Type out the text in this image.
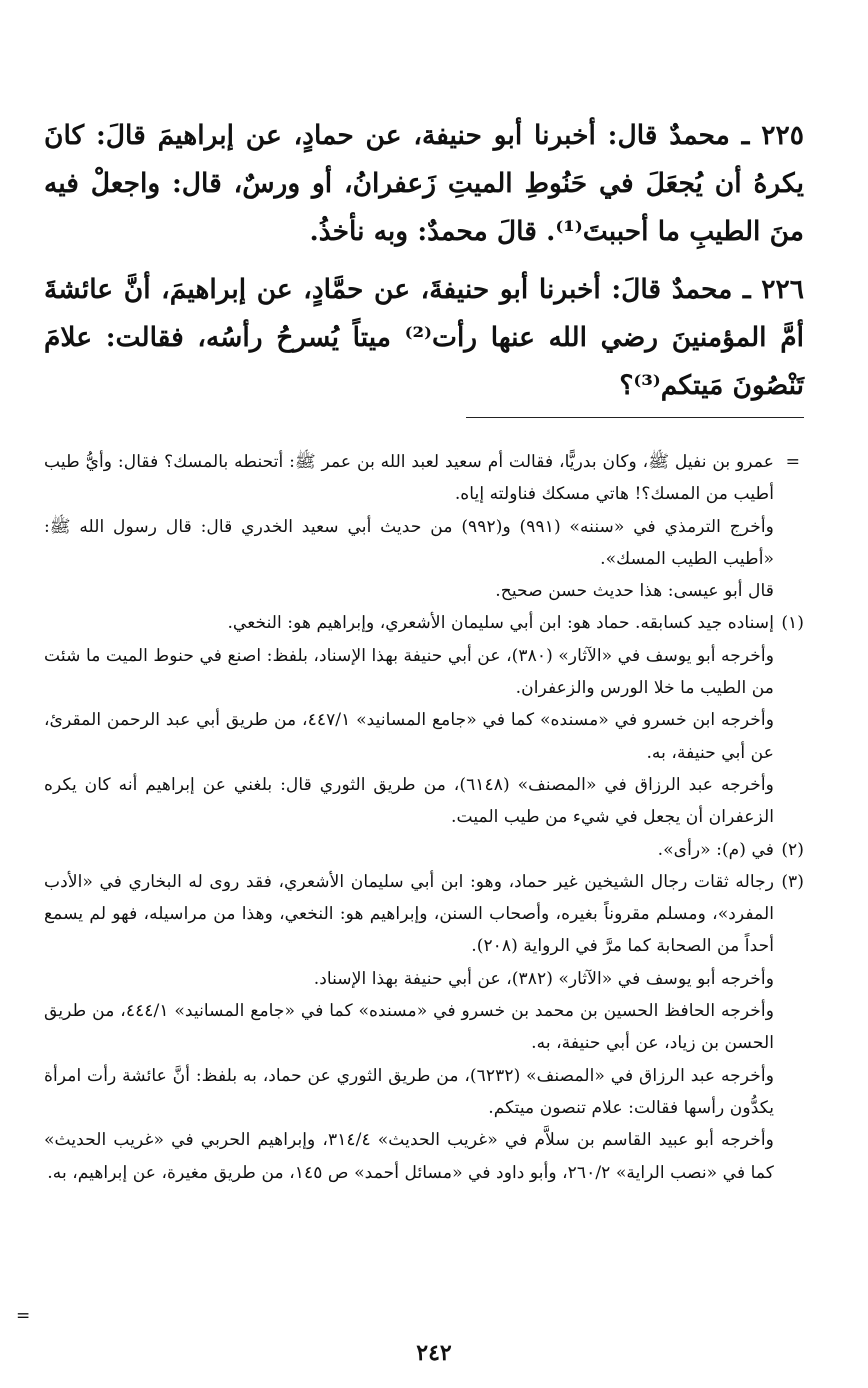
٢٢٥ ـ محمدٌ قال: أخبرنا أبو حنيفة، عن حمادٍ، عن إبراهيمَ قالَ: كانَ يكرهُ أن يُجعَلَ في حَنُوطِ الميتِ زَعفرانُ، أو ورسٌ، قال: واجعلْ فيه منَ الطيبِ ما أحببتَ⁽¹⁾. قالَ محمدٌ: وبه نأخذُ.

٢٢٦ ـ محمدٌ قالَ: أخبرنا أبو حنيفةَ، عن حمَّادٍ، عن إبراهيمَ، أنَّ عائشةَ أمَّ المؤمنينَ رضي الله عنها رأت⁽²⁾ ميتاً يُسرحُ رأسُه، فقالت: علامَ تَنْصُونَ مَيتكم⁽³⁾؟

=

عمرو بن نفيل ﷺ، وكان بدريًّا، فقالت أم سعيد لعبد الله بن عمر ﷺ: أتحنطه بالمسك؟ فقال: وأيُّ طيب أطيب من المسك؟! هاتي مسكك فناولته إياه.

وأخرج الترمذي في «سننه» (٩٩١) و(٩٩٢) من حديث أبي سعيد الخدري قال: قال رسول الله ﷺ: «أطيب الطيب المسك».

قال أبو عيسى: هذا حديث حسن صحيح.

(١)

إسناده جيد كسابقه. حماد هو: ابن أبي سليمان الأشعري، وإبراهيم هو: النخعي.

وأخرجه أبو يوسف في «الآثار» (٣٨٠)، عن أبي حنيفة بهذا الإسناد، بلفظ: اصنع في حنوط الميت ما شئت من الطيب ما خلا الورس والزعفران.

وأخرجه ابن خسرو في «مسنده» كما في «جامع المسانيد» ٤٤٧/١، من طريق أبي عبد الرحمن المقرئ، عن أبي حنيفة، به.

وأخرجه عبد الرزاق في «المصنف» (٦١٤٨)، من طريق الثوري قال: بلغني عن إبراهيم أنه كان يكره الزعفران أن يجعل في شيء من طيب الميت.

(٢)

في (م): «رأى».

(٣)

رجاله ثقات رجال الشيخين غير حماد، وهو: ابن أبي سليمان الأشعري، فقد روى له البخاري في «الأدب المفرد»، ومسلم مقروناً بغيره، وأصحاب السنن، وإبراهيم هو: النخعي، وهذا من مراسيله، فهو لم يسمع أحداً من الصحابة كما مرَّ في الرواية (٢٠٨).

وأخرجه أبو يوسف في «الآثار» (٣٨٢)، عن أبي حنيفة بهذا الإسناد.

وأخرجه الحافظ الحسين بن محمد بن خسرو في «مسنده» كما في «جامع المسانيد» ٤٤٤/١، من طريق الحسن بن زياد، عن أبي حنيفة، به.

وأخرجه عبد الرزاق في «المصنف» (٦٢٣٢)، من طريق الثوري عن حماد، به بلفظ: أنَّ عائشة رأت امرأة يكدُّون رأسها فقالت: علام تنصون ميتكم.

وأخرجه أبو عبيد القاسم بن سلاَّم في «غريب الحديث» ٣١٤/٤، وإبراهيم الحربي في «غريب الحديث» كما في «نصب الراية» ٢٦٠/٢، وأبو داود في «مسائل أحمد» ص ١٤٥، من طريق مغيرة، عن إبراهيم، به.

=
٢٤٢
